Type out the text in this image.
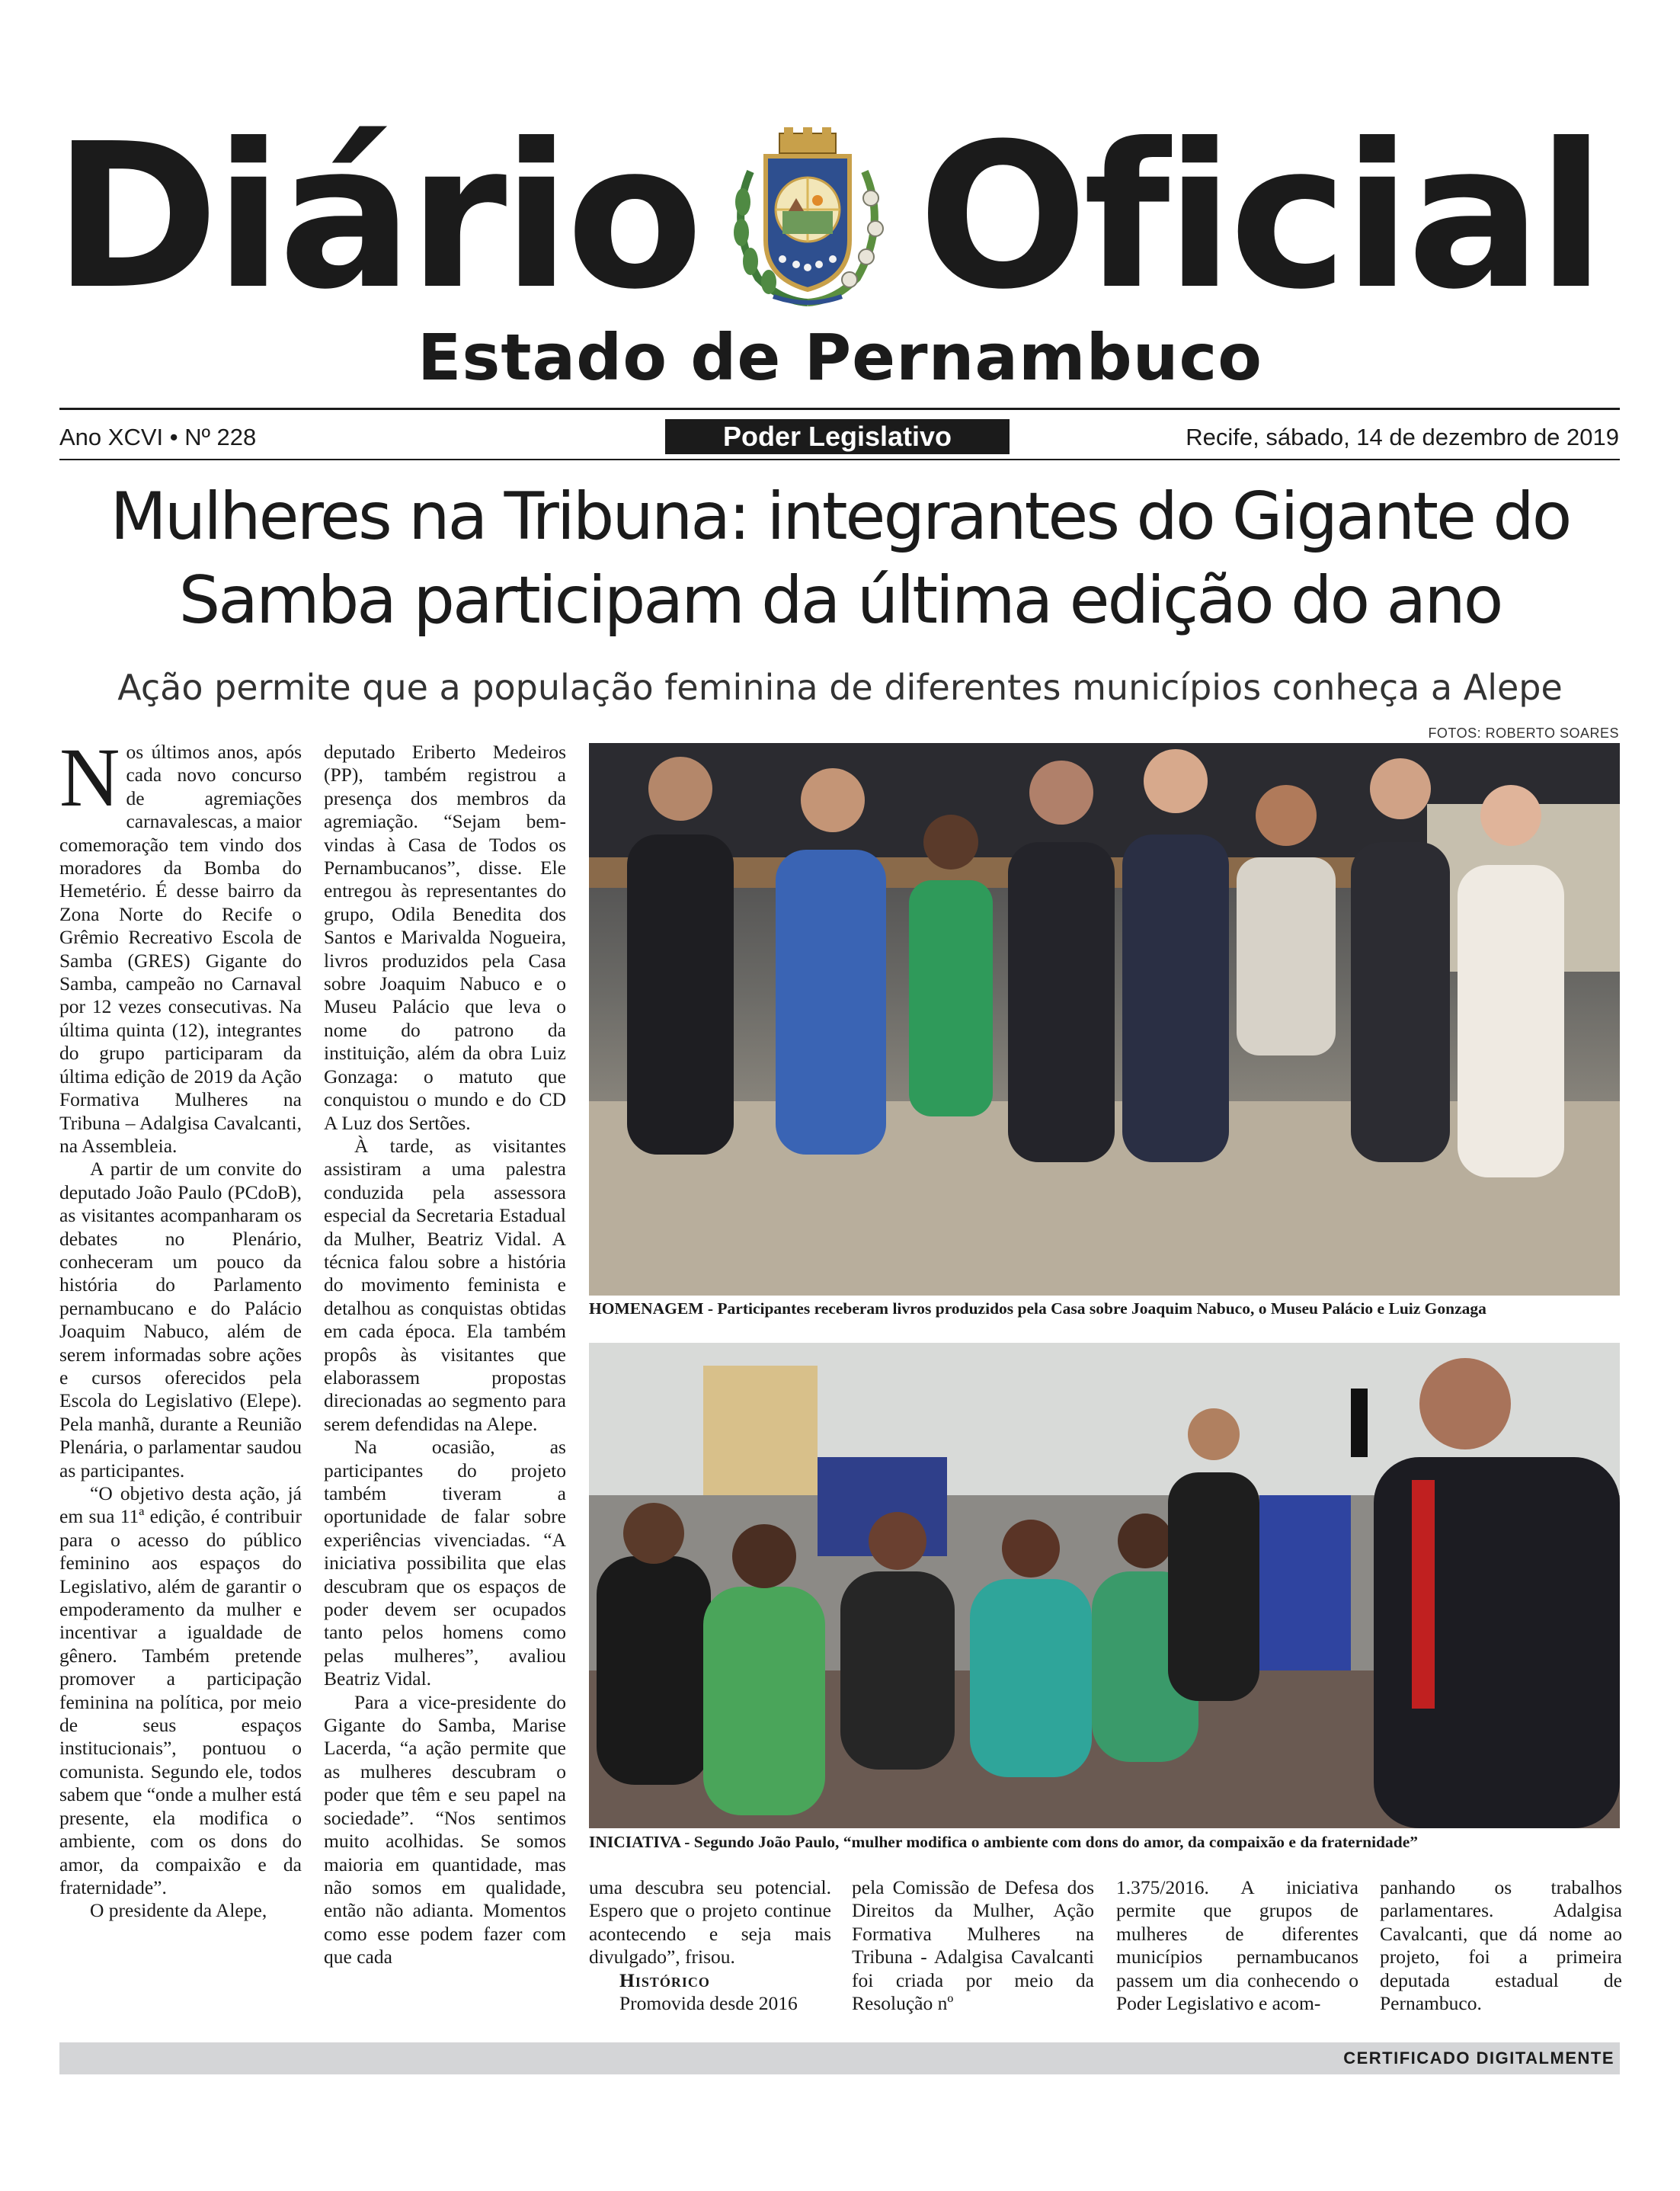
Diário Oficial
Estado de Pernambuco
Ano XCVI • Nº 228	Poder Legislativo	Recife, sábado, 14 de dezembro de 2019
Mulheres na Tribuna: integrantes do Gigante do
Samba participam da última edição do ano
Ação permite que a população feminina de diferentes municípios conheça a Alepe
FOTOS: ROBERTO SOARES

Nos últimos anos, após cada novo concurso de agremiações carnavalescas, a maior comemoração tem vindo dos moradores da Bomba do Hemetério. É desse bairro da Zona Norte do Recife o Grêmio Recreativo Escola de Samba (GRES) Gigante do Samba, campeão no Carnaval por 12 vezes consecutivas. Na última quinta (12), integrantes do grupo participaram da última edição de 2019 da Ação Formativa Mulheres na Tribuna – Adalgisa Cavalcanti, na Assembleia.

A partir de um convite do deputado João Paulo (PCdoB), as visitantes acompanharam os debates no Plenário, conheceram um pouco da história do Parlamento pernambucano e do Palácio Joaquim Nabuco, além de serem informadas sobre ações e cursos oferecidos pela Escola do Legislativo (Elepe). Pela manhã, durante a Reunião Plenária, o parlamentar saudou as participantes.

“O objetivo desta ação, já em sua 11ª edição, é contribuir para o acesso do público feminino aos espaços do Legislativo, além de garantir o empoderamento da mulher e incentivar a igualdade de gênero. Também pretende promover a participação feminina na política, por meio de seus espaços institucionais”, pontuou o comunista. Segundo ele, todos sabem que “onde a mulher está presente, ela modifica o ambiente, com os dons do amor, da compaixão e da fraternidade”.

O presidente da Alepe,

deputado Eriberto Medeiros (PP), também registrou a presença dos membros da agremiação. “Sejam bem-vindas à Casa de Todos os Pernambucanos”, disse. Ele entregou às representantes do grupo, Odila Benedita dos Santos e Marivalda Nogueira, livros produzidos pela Casa sobre Joaquim Nabuco e o Museu Palácio que leva o nome do patrono da instituição, além da obra Luiz Gonzaga: o matuto que conquistou o mundo e do CD A Luz dos Sertões.

À tarde, as visitantes assistiram a uma palestra conduzida pela assessora especial da Secretaria Estadual da Mulher, Beatriz Vidal. A técnica falou sobre a história do movimento feminista e detalhou as conquistas obtidas em cada época. Ela também propôs às visitantes que elaborassem propostas direcionadas ao segmento para serem defendidas na Alepe.

Na ocasião, as participantes do projeto também tiveram a oportunidade de falar sobre experiências vivenciadas. “A iniciativa possibilita que elas descubram que os espaços de poder devem ser ocupados tanto pelos homens como pelas mulheres”, avaliou Beatriz Vidal.

Para a vice-presidente do Gigante do Samba, Marise Lacerda, “a ação permite que as mulheres descubram o poder que têm e seu papel na sociedade”. “Nos sentimos muito acolhidas. Se somos maioria em quantidade, mas não somos em qualidade, então não adianta. Momentos como esse podem fazer com que cada

HOMENAGEM - Participantes receberam livros produzidos pela Casa sobre Joaquim Nabuco, o Museu Palácio e Luiz Gonzaga
INICIATIVA - Segundo João Paulo, “mulher modifica o ambiente com dons do amor, da compaixão e da fraternidade”

uma descubra seu potencial. Espero que o projeto continue acontecendo e seja mais divulgado”, frisou.

Histórico

Promovida desde 2016

pela Comissão de Defesa dos Direitos da Mulher, Ação Formativa Mulheres na Tribuna - Adalgisa Cavalcanti foi criada por meio da Resolução nº

1.375/2016. A iniciativa permite que grupos de mulheres de diferentes municípios pernambucanos passem um dia conhecendo o Poder Legislativo e acom-

panhando os trabalhos parlamentares. Adalgisa Cavalcanti, que dá nome ao projeto, foi a primeira deputada estadual de Pernambuco.

CERTIFICADO DIGITALMENTE
